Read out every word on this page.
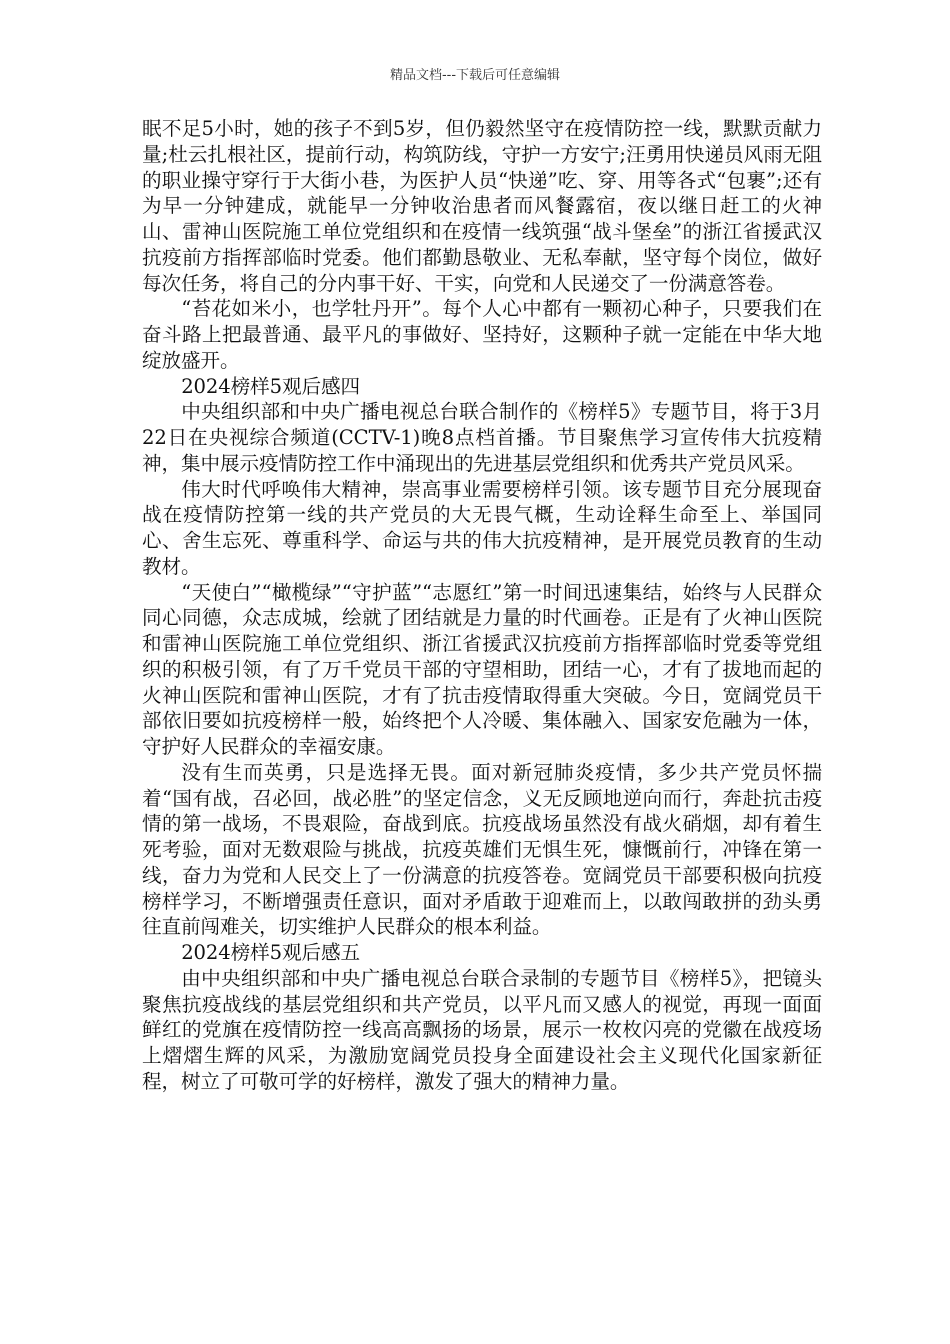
精品文档---下载后可任意编辑

眠不足5小时，她的孩子不到5岁，但仍毅然坚守在疫情防控一线，默默贡献力量;杜云扎根社区，提前行动，构筑防线，守护一方安宁;汪勇用快递员风雨无阻的职业操守穿行于大街小巷，为医护人员“快递”吃、穿、用等各式“包裹”;还有为早一分钟建成，就能早一分钟收治患者而风餐露宿，夜以继日赶工的火神山、雷神山医院施工单位党组织和在疫情一线筑强“战斗堡垒”的浙江省援武汉抗疫前方指挥部临时党委。他们都勤恳敬业、无私奉献，坚守每个岗位，做好每次任务，将自己的分内事干好、干实，向党和人民递交了一份满意答卷。

“苔花如米小，也学牡丹开”。每个人心中都有一颗初心种子，只要我们在奋斗路上把最普通、最平凡的事做好、坚持好，这颗种子就一定能在中华大地绽放盛开。

2024榜样5观后感四

中央组织部和中央广播电视总台联合制作的《榜样5》专题节目，将于3月22日在央视综合频道(CCTV-1)晚8点档首播。节目聚焦学习宣传伟大抗疫精神，集中展示疫情防控工作中涌现出的先进基层党组织和优秀共产党员风采。

伟大时代呼唤伟大精神，崇高事业需要榜样引领。该专题节目充分展现奋战在疫情防控第一线的共产党员的大无畏气概，生动诠释生命至上、举国同心、舍生忘死、尊重科学、命运与共的伟大抗疫精神，是开展党员教育的生动教材。

“天使白”“橄榄绿”“守护蓝”“志愿红”第一时间迅速集结，始终与人民群众同心同德，众志成城，绘就了团结就是力量的时代画卷。正是有了火神山医院和雷神山医院施工单位党组织、浙江省援武汉抗疫前方指挥部临时党委等党组织的积极引领，有了万千党员干部的守望相助，团结一心，才有了拔地而起的火神山医院和雷神山医院，才有了抗击疫情取得重大突破。今日，宽阔党员干部依旧要如抗疫榜样一般，始终把个人冷暖、集体融入、国家安危融为一体，守护好人民群众的幸福安康。

没有生而英勇，只是选择无畏。面对新冠肺炎疫情，多少共产党员怀揣着“国有战，召必回，战必胜”的坚定信念，义无反顾地逆向而行，奔赴抗击疫情的第一战场，不畏艰险，奋战到底。抗疫战场虽然没有战火硝烟，却有着生死考验，面对无数艰险与挑战，抗疫英雄们无惧生死，慷慨前行，冲锋在第一线，奋力为党和人民交上了一份满意的抗疫答卷。宽阔党员干部要积极向抗疫榜样学习，不断增强责任意识，面对矛盾敢于迎难而上，以敢闯敢拼的劲头勇往直前闯难关，切实维护人民群众的根本利益。

2024榜样5观后感五

由中央组织部和中央广播电视总台联合录制的专题节目《榜样5》，把镜头聚焦抗疫战线的基层党组织和共产党员，以平凡而又感人的视觉，再现一面面鲜红的党旗在疫情防控一线高高飘扬的场景，展示一枚枚闪亮的党徽在战疫场上熠熠生辉的风采，为激励宽阔党员投身全面建设社会主义现代化国家新征程，树立了可敬可学的好榜样，激发了强大的精神力量。
